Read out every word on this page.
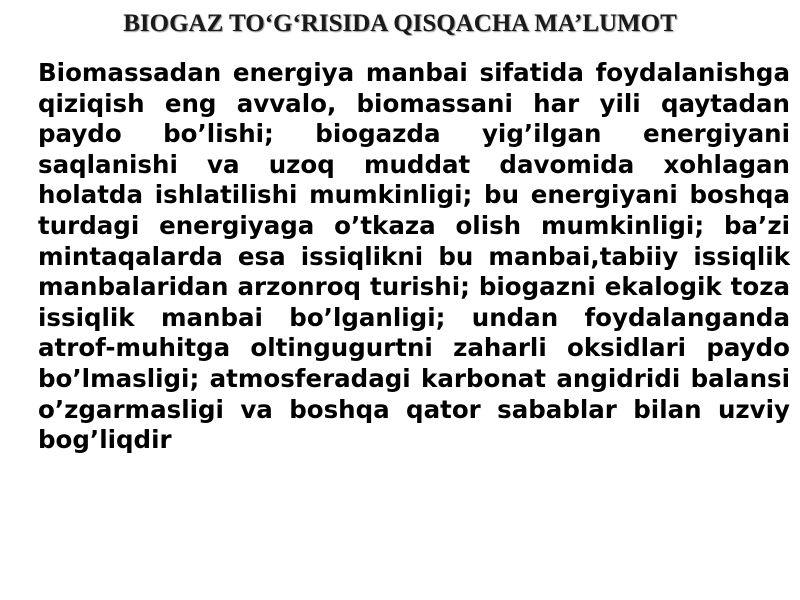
BIOGAZ TO‘G‘RISIDA QISQACHA MA’LUMOT

Biomassadan energiya manbai sifatida foydalanishga qiziqish eng avvalo, biomassani har yili qaytadan paydo bo’lishi; biogazda yig’ilgan energiyani saqlanishi va uzoq muddat davomida xohlagan holatda ishlatilishi mumkinligi; bu energiyani boshqa turdagi energiyaga o’tkaza olish mumkinligi; ba’zi mintaqalarda esa issiqlikni bu manbai,tabiiy issiqlik manbalaridan arzonroq turishi; biogazni ekalogik toza issiqlik manbai bo’lganligi; undan foydalanganda atrof-muhitga oltingugurtni zaharli oksidlari paydo bo’lmasligi; atmosferadagi karbonat angidridi balansi o’zgarmasligi va boshqa qator sabablar bilan uzviy bog’liqdir
